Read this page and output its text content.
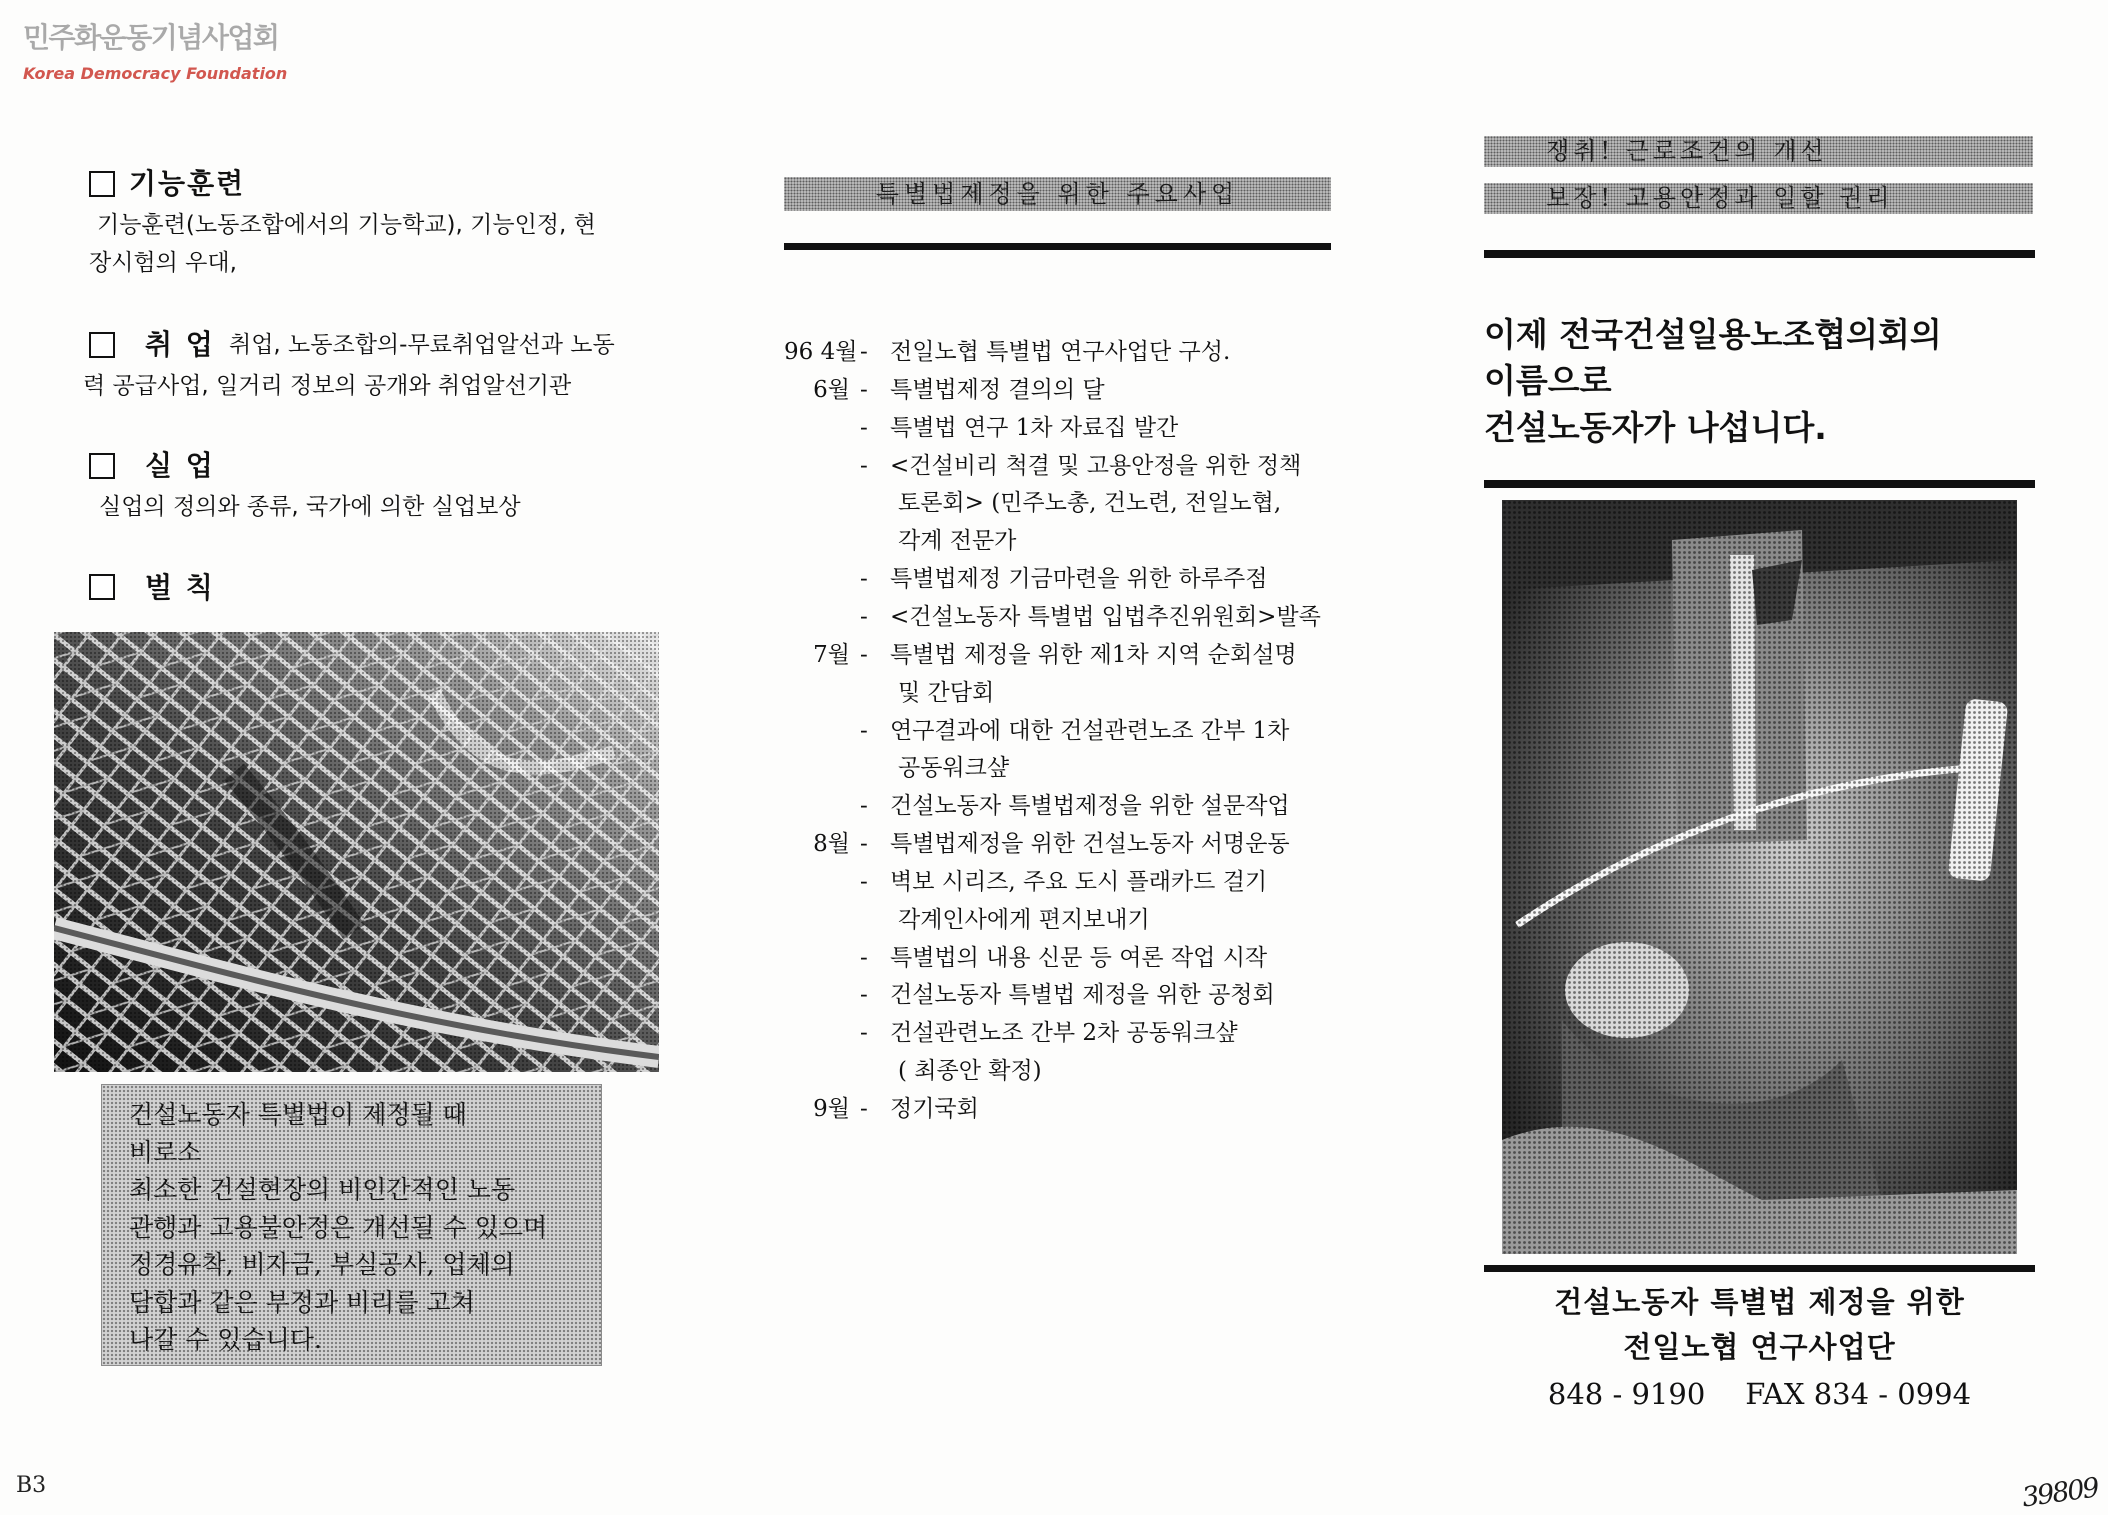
민주화운동기념사업회
Korea Democracy Foundation
기능훈련
기능훈련(노동조합에서의 기능학교), 기능인정, 현
장시험의 우대,
취 업 취업, 노동조합의-무료취업알선과 노동
력 공급사업, 일거리 정보의 공개와 취업알선기관
실 업
실업의 정의와 종류, 국가에 의한 실업보상
벌 칙
건설노동자 특별법이 제정될 때
비로소
최소한 건설현장의 비인간적인 노동
관행과 고용불안정은 개선될 수 있으며
정경유착, 비자금, 부실공사, 업체의
담합과 같은 부정과 비리를 고쳐
나갈 수 있습니다.
B3
특별법제정을 위한 주요사업
96 4월 - 전일노협 특별법 연구사업단 구성.
6월 - 특별법제정 결의의 달
- 특별법 연구 1차 자료집 발간
- <건설비리 척결 및 고용안정을 위한 정책
토론회> (민주노총, 건노련, 전일노협,
각계 전문가
- 특별법제정 기금마련을 위한 하루주점
- <건설노동자 특별법 입법추진위원회>발족
7월 - 특별법 제정을 위한 제1차 지역 순회설명
및 간담회
- 연구결과에 대한 건설관련노조 간부 1차
공동워크샾
- 건설노동자 특별법제정을 위한 설문작업
8월 - 특별법제정을 위한 건설노동자 서명운동
- 벽보 시리즈, 주요 도시 플래카드 걸기
각계인사에게 편지보내기
- 특별법의 내용 신문 등 여론 작업 시작
- 건설노동자 특별법 제정을 위한 공청회
- 건설관련노조 간부 2차 공동워크샾
( 최종안 확정)
9월 - 정기국회
쟁취! 근로조건의 개선
보장! 고용안정과 일할 권리
이제 전국건설일용노조협의회의
이름으로
건설노동자가 나섭니다.
건설노동자 특별법 제정을 위한
전일노협 연구사업단
848 - 9190 FAX 834 - 0994
39809
